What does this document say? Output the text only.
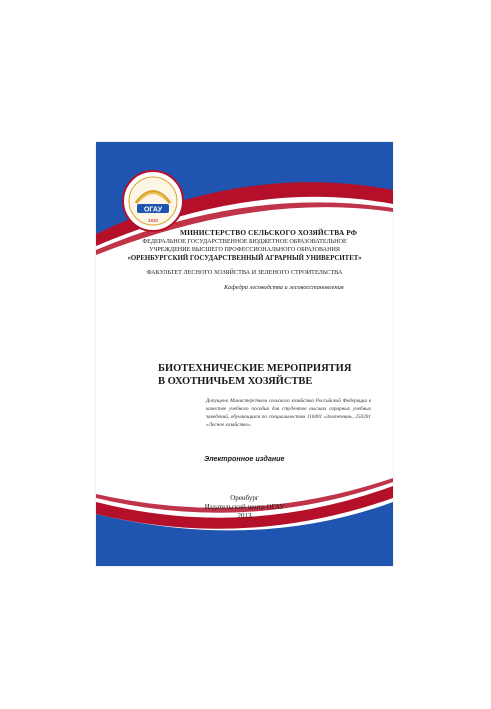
ОГАУ
1930
МИНИСТЕРСТВО СЕЛЬСКОГО ХОЗЯЙСТВА РФ
ФЕДЕРАЛЬНОЕ ГОСУДАРСТВЕННОЕ БЮДЖЕТНОЕ ОБРАЗОВАТЕЛЬНОЕ
УЧРЕЖДЕНИЕ ВЫСШЕГО ПРОФЕССИОНАЛЬНОГО ОБРАЗОВАНИЯ
«ОРЕНБУРГСКИЙ ГОСУДАРСТВЕННЫЙ АГРАРНЫЙ УНИВЕРСИТЕТ»
ФАКУЛЬТЕТ ЛЕСНОГО ХОЗЯЙСТВА И ЗЕЛЕНОГО СТРОИТЕЛЬСТВА
Кафедра лесоводства и лесовосстановления
БИОТЕХНИЧЕСКИЕ МЕРОПРИЯТИЯ
В ОХОТНИЧЬЕМ ХОЗЯЙСТВЕ
Допущено Министерством сельского хозяйства Российской Федерации в качестве учебного пособия для студентов высших аграрных учебных заведений, обучающихся по специальностям 110401 «Зоотехния», 250201 «Лесное хозяйство».
Электронное издание
Оренбург
Издательский центр ОГАУ
2013
